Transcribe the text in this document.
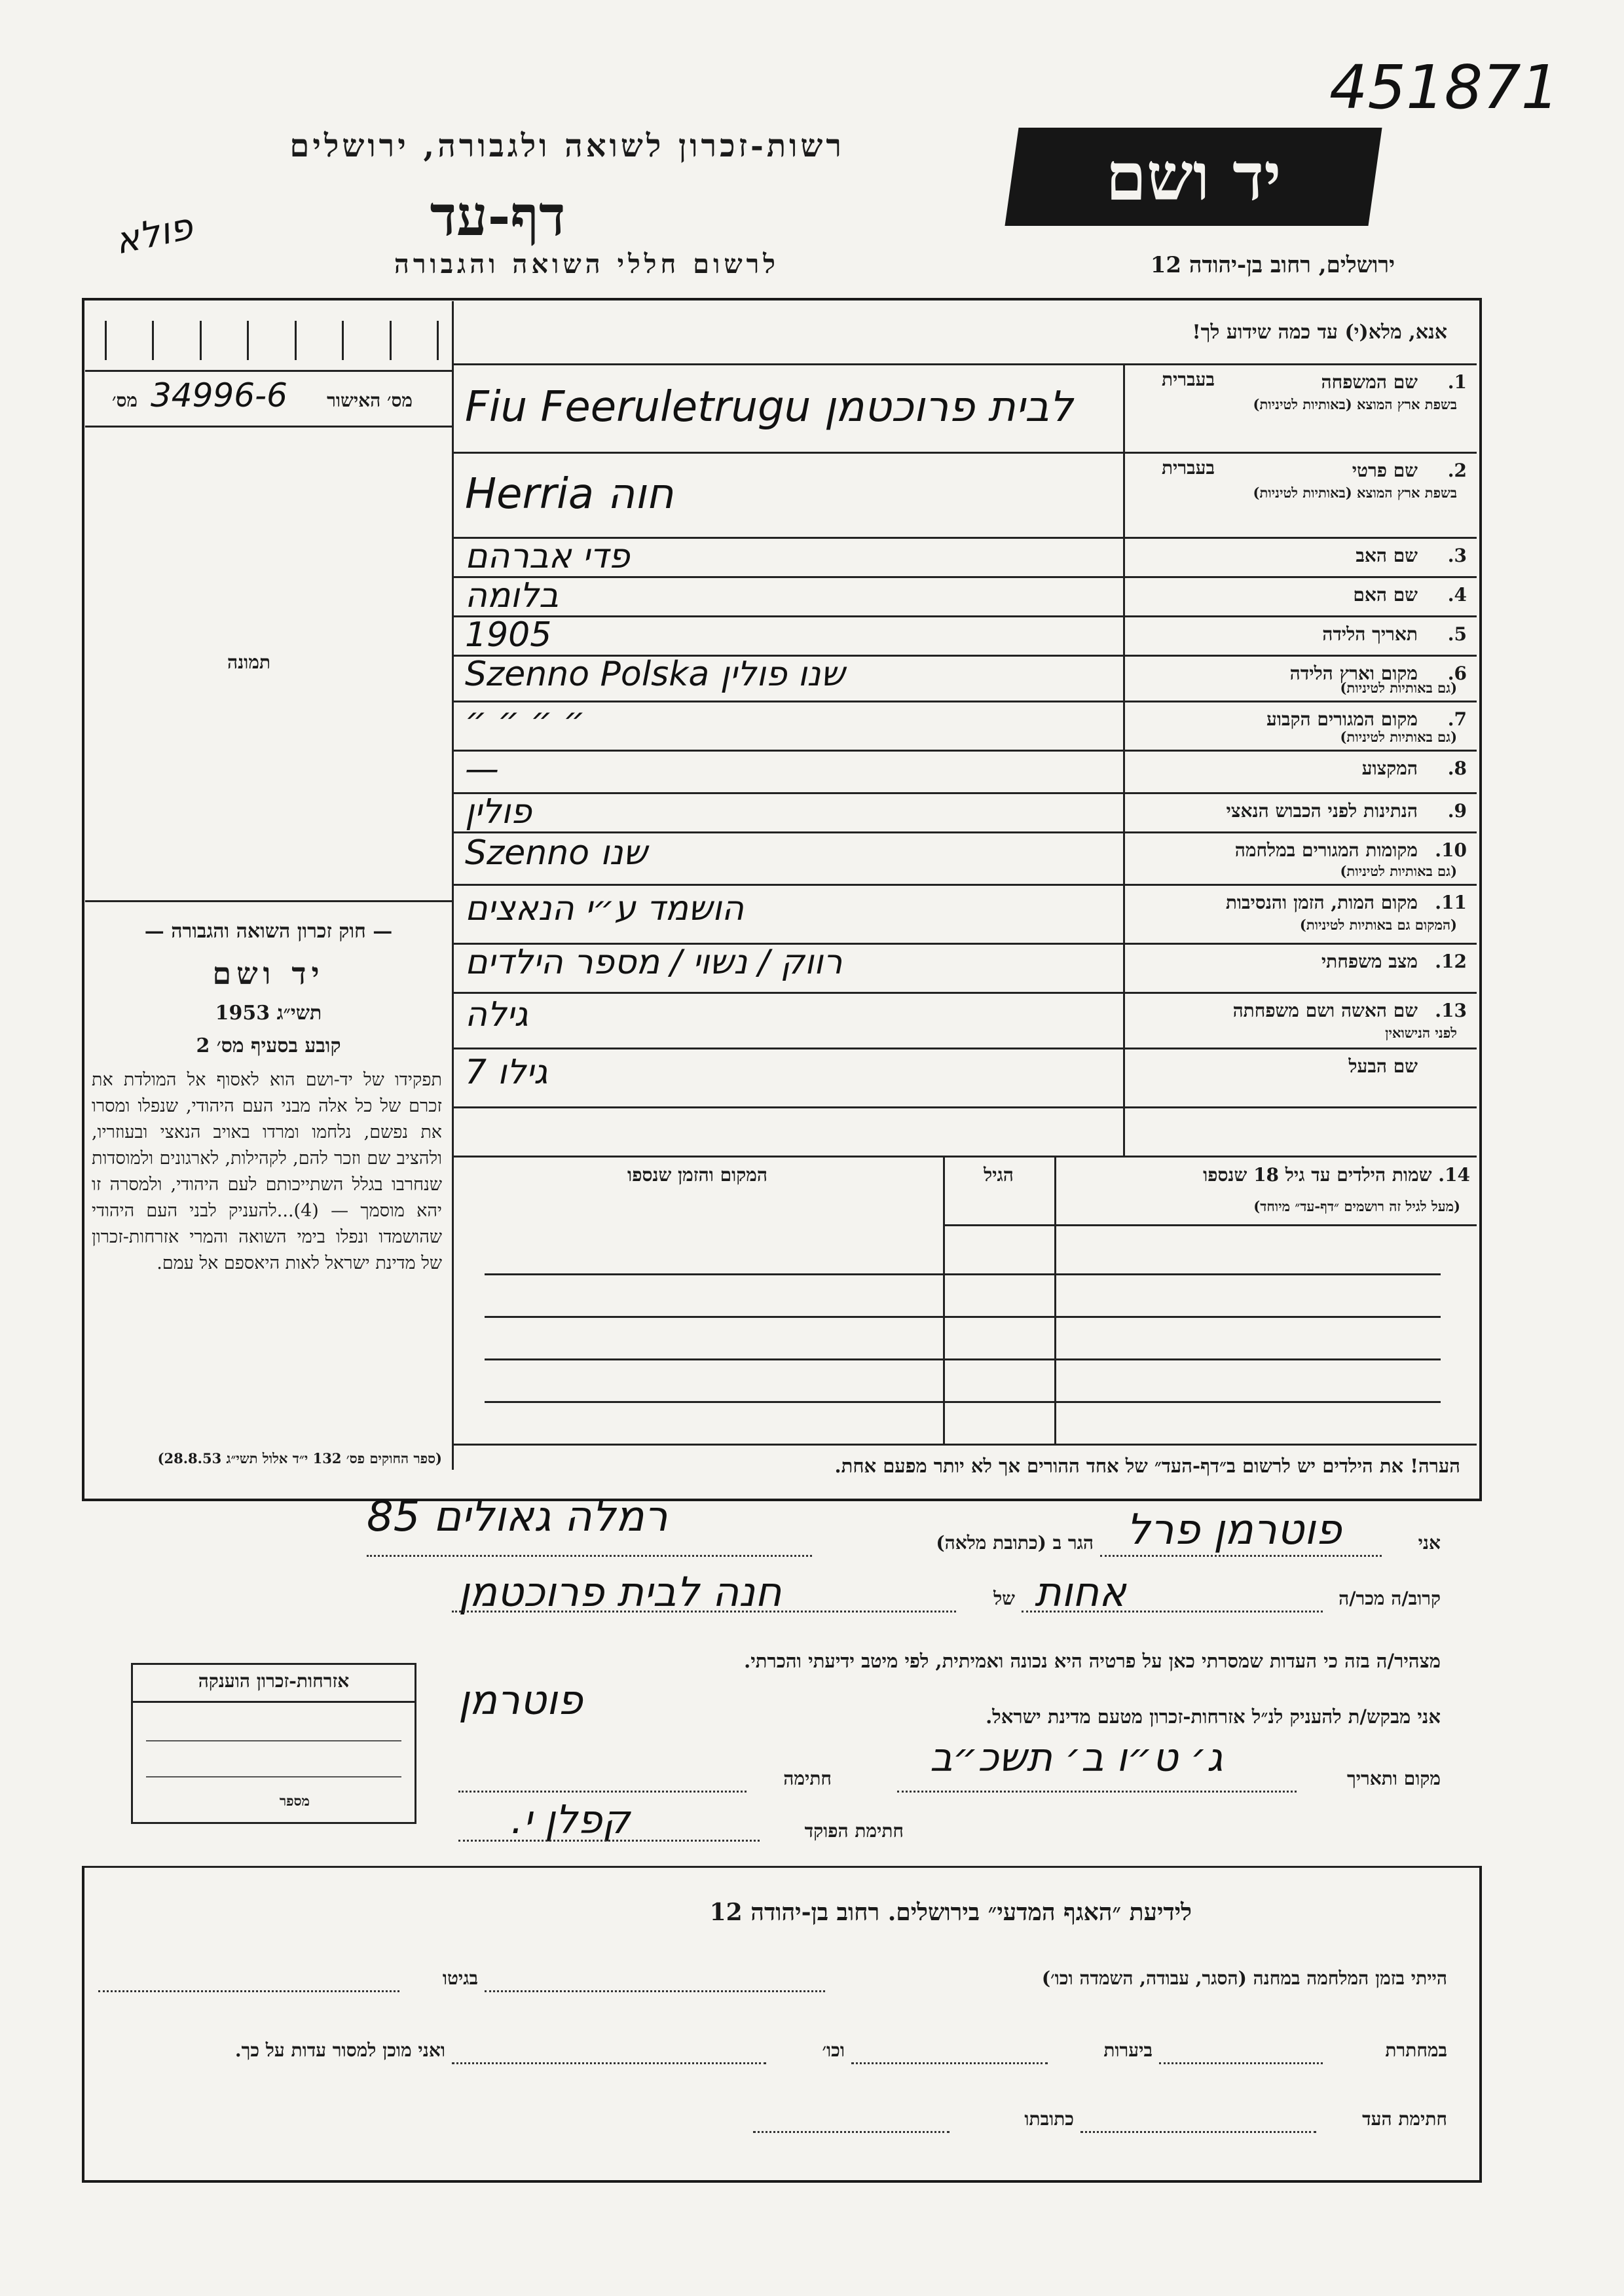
451871
רשות-זכרון לשואה ולגבורה, ירושלים
דף-עד
לרשום חללי השואה והגבורה
פולא
יד ושם
ירושלים, רחוב בן-יהודה 12
34996-6	מס׳ האישור
מס׳
תמונה
— חוק זכרון השואה והגבורה —
יד ושם
תשי״ג 1953
קובע בסעיף מס׳ 2
תפקידו של יד-ושם הוא לאסוף אל המולדת את זכרם של כל אלה מבני העם היהודי, שנפלו ומסרו את נפשם, נלחמו ומרדו באויב הנאצי ובעוזריו, ולהציב שם וזכר להם, לקהילות, לארגונים ולמוסדות שנחרבו בגלל השתייכותם לעם היהודי, ולמסרה זו יהא מוסמך — (4)...להעניק לבני העם היהודי שהושמדו ונפלו בימי השואה והמרי אזרחות-זכרון של מדינת ישראל לאות היאספם אל עמם.
(ספר החוקים פס׳ 132 י״ד אלול תשי״ג 28.8.53)
אנא, מלא(י) עד כמה שידוע לך!
1.
שם המשפחה
בשפת ארץ המוצא (באותיות לטיניות)
בעברית
Fiu Feeruletrugu לבית פרוכטמן
2.
שם פרטי
בשפת ארץ המוצא (באותיות לטיניות)
בעברית
Herria חוה
3.
שם האב
פדי אברהם
4.
שם האם
בלומה
5.
תאריך הלידה
1905
6.
מקום וארץ הלידה
(גם באותיות לטיניות)
Szenno Polska שנו פולין
7.
מקום המגורים הקבוע
(גם באותיות לטיניות)
״ ״ ״ ״
8.
המקצוע
—
9.
הנתינות לפני הכבוש הנאצי
פולין
10.
מקומות המגורים במלחמה
(גם באותיות לטיניות)
Szenno שנו
11.
מקום המות, הזמן והנסיבות
(המקום גם באותיות לטיניות)
הושמד ע״י הנאצים
12.
מצב משפחתי
רווק / נשוי / מספר הילדים
13.
שם האשה ושם משפחתה
לפני הנישואין
גילה
שם הבעל
גילו 7
14. שמות הילדים עד גיל 18 שנספו
(מעל לגיל זה רושמים ״דף-עד״ מיוחד)
הגיל
המקום והזמן שנספו
הערה! את הילדים יש לרשום ב״דף-העד״ של אחד ההורים אך לא יותר מפעם אחת.
אני
פוטרמן פרל
הגר ב (כתובת מלאה)
רמלה גאולים 85
קרוב/ה מכר/ה
אחות
של
חנה לבית פרוכטמן
מצהיר/ה בזה כי העדות שמסרתי כאן על פרטיה היא נכונה ואמיתית, לפי מיטב ידיעתי והכרתי.
אני מבקש/ת להעניק לנ״ל אזרחות-זכרון מטעם מדינת ישראל.
פוטרמן
מקום ותאריך
ג׳ ט״ו ב׳ תשכ״ב
חתימה
חתימת הפוקד
קפלן י.
אזרחות-זכרון הוענקה
מספר
לידיעת ״האגף המדעי״ בירושלים. רחוב בן-יהודה 12
הייתי בזמן המלחמה במחנה (הסגר, עבודה, השמדה וכו׳)
בגיטו
במחתרת
ביערות
וכו׳
ואני מוכן למסור עדות על כך.
חתימת העד
כתובתו
